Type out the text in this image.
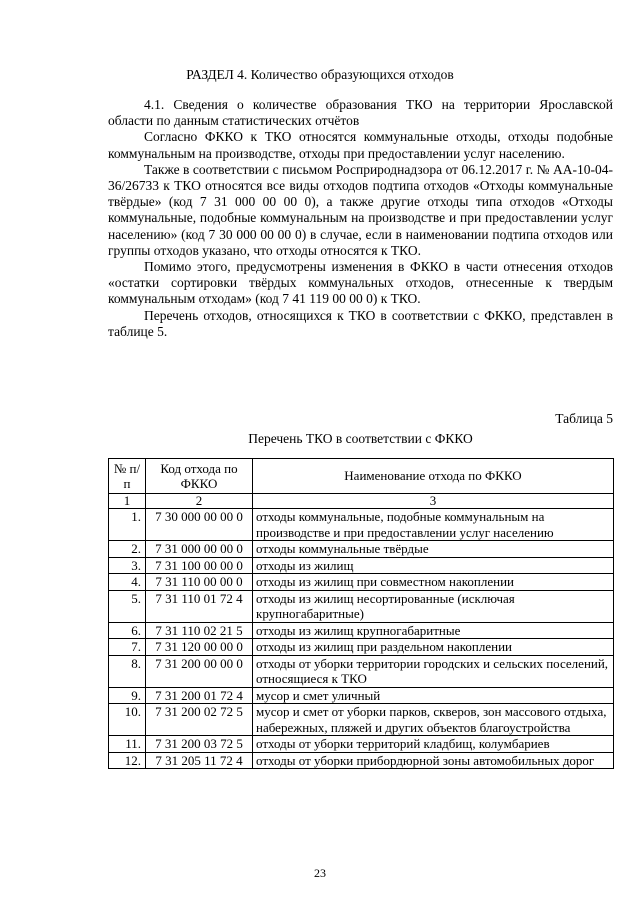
РАЗДЕЛ 4. Количество образующихся отходов

4.1. Сведения о количестве образования ТКО на территории Ярославской области по данным статистических отчётов

Согласно ФККО к ТКО относятся коммунальные отходы, отходы подобные коммунальным на производстве, отходы при предоставлении услуг населению.

Также в соответствии с письмом Росприроднадзора от 06.12.2017 г. № АА-10-04-36/26733 к ТКО относятся все виды отходов подтипа отходов «Отходы коммунальные твёрдые» (код 7 31 000 00 00 0), а также другие отходы типа отходов «Отходы коммунальные, подобные коммунальным на производстве и при предоставлении услуг населению» (код 7 30 000 00 00 0) в случае, если в наименовании подтипа отходов или группы отходов указано, что отходы относятся к ТКО.

Помимо этого, предусмотрены изменения в ФККО в части отнесения отходов «остатки сортировки твёрдых коммунальных отходов, отнесенные к твердым коммунальным отходам» (код 7 41 119 00 00 0) к ТКО.

Перечень отходов, относящихся к ТКО в соответствии с ФККО, представлен в таблице 5.

Таблица 5
Перечень ТКО в соответствии с ФККО
№ п/п	Код отхода по ФККО	Наименование отхода по ФККО
1	2	3
1.	7 30 000 00 00 0	отходы коммунальные, подобные коммунальным на производстве и при предоставлении услуг населению
2.	7 31 000 00 00 0	отходы коммунальные твёрдые
3.	7 31 100 00 00 0	отходы из жилищ
4.	7 31 110 00 00 0	отходы из жилищ при совместном накоплении
5.	7 31 110 01 72 4	отходы из жилищ несортированные (исключая крупногабаритные)
6.	7 31 110 02 21 5	отходы из жилищ крупногабаритные
7.	7 31 120 00 00 0	отходы из жилищ при раздельном накоплении
8.	7 31 200 00 00 0	отходы от уборки территории городских и сельских поселений, относящиеся к ТКО
9.	7 31 200 01 72 4	мусор и смет уличный
10.	7 31 200 02 72 5	мусор и смет от уборки парков, скверов, зон массового отдыха, набережных, пляжей и других объектов благоустройства
11.	7 31 200 03 72 5	отходы от уборки территорий кладбищ, колумбариев
12.	7 31 205 11 72 4	отходы от уборки прибордюрной зоны автомобильных дорог
23
